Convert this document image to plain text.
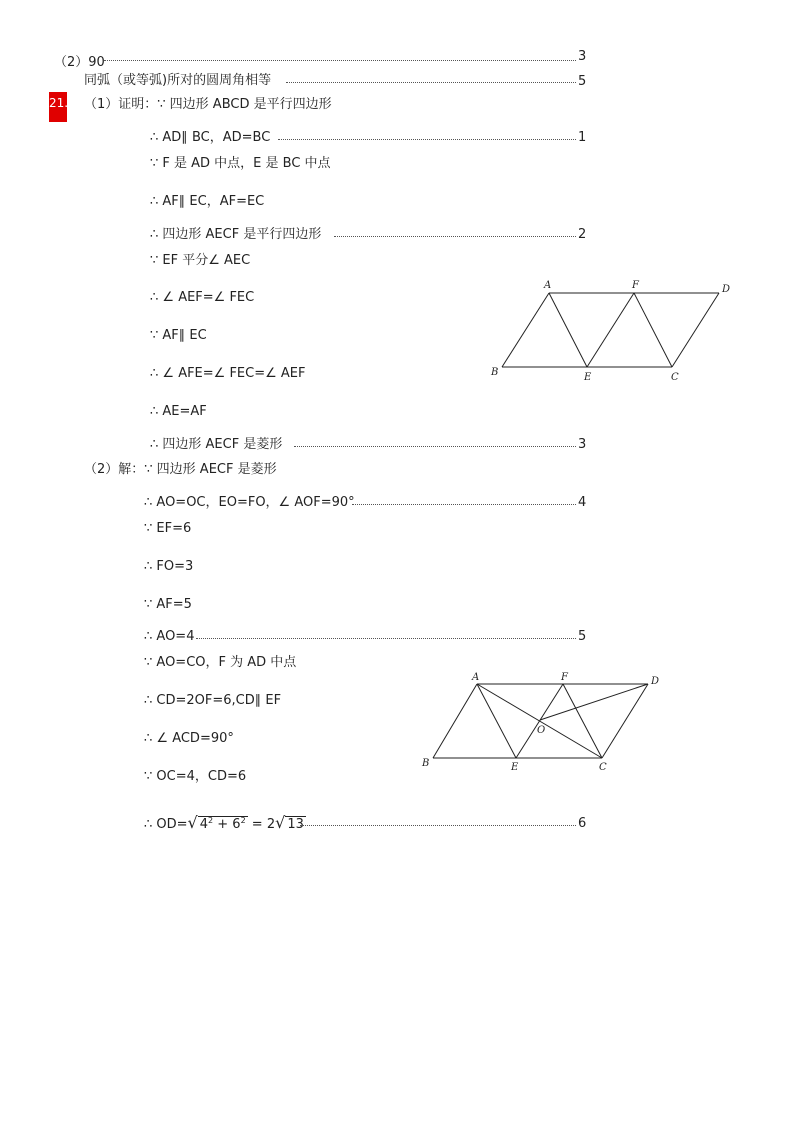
（2）90	3
同弧（或等弧)所对的圆周角相等	5
21. （1）证明：∵ 四边形 ABCD 是平行四边形
∴ AD∥ BC，AD=BC	1
∵ F 是 AD 中点，E 是 BC 中点
∴ AF∥ EC，AF=EC
∴ 四边形 AECF 是平行四边形	2
∵ EF 平分∠ AEC
∴ ∠ AEF=∠ FEC
∵ AF∥ EC
∴ ∠ AFE=∠ FEC=∠ AEF
∴ AE=AF
∴ 四边形 AECF 是菱形	3
A	F	D
B	E	C
（2）解：∵ 四边形 AECF 是菱形
∴ AO=OC，EO=FO，∠ AOF=90°	4
∵ EF=6
∴ FO=3
∵ AF=5
∴ AO=4	5
∵ AO=CO，F 为 AD 中点
∴ CD=2OF=6,CD∥ EF
∴ ∠ ACD=90°
∵ OC=4，CD=6
∴ OD=√ $4^2 + 6^2 = 2√$ 13	6
A	F	D
B	E	C
O
